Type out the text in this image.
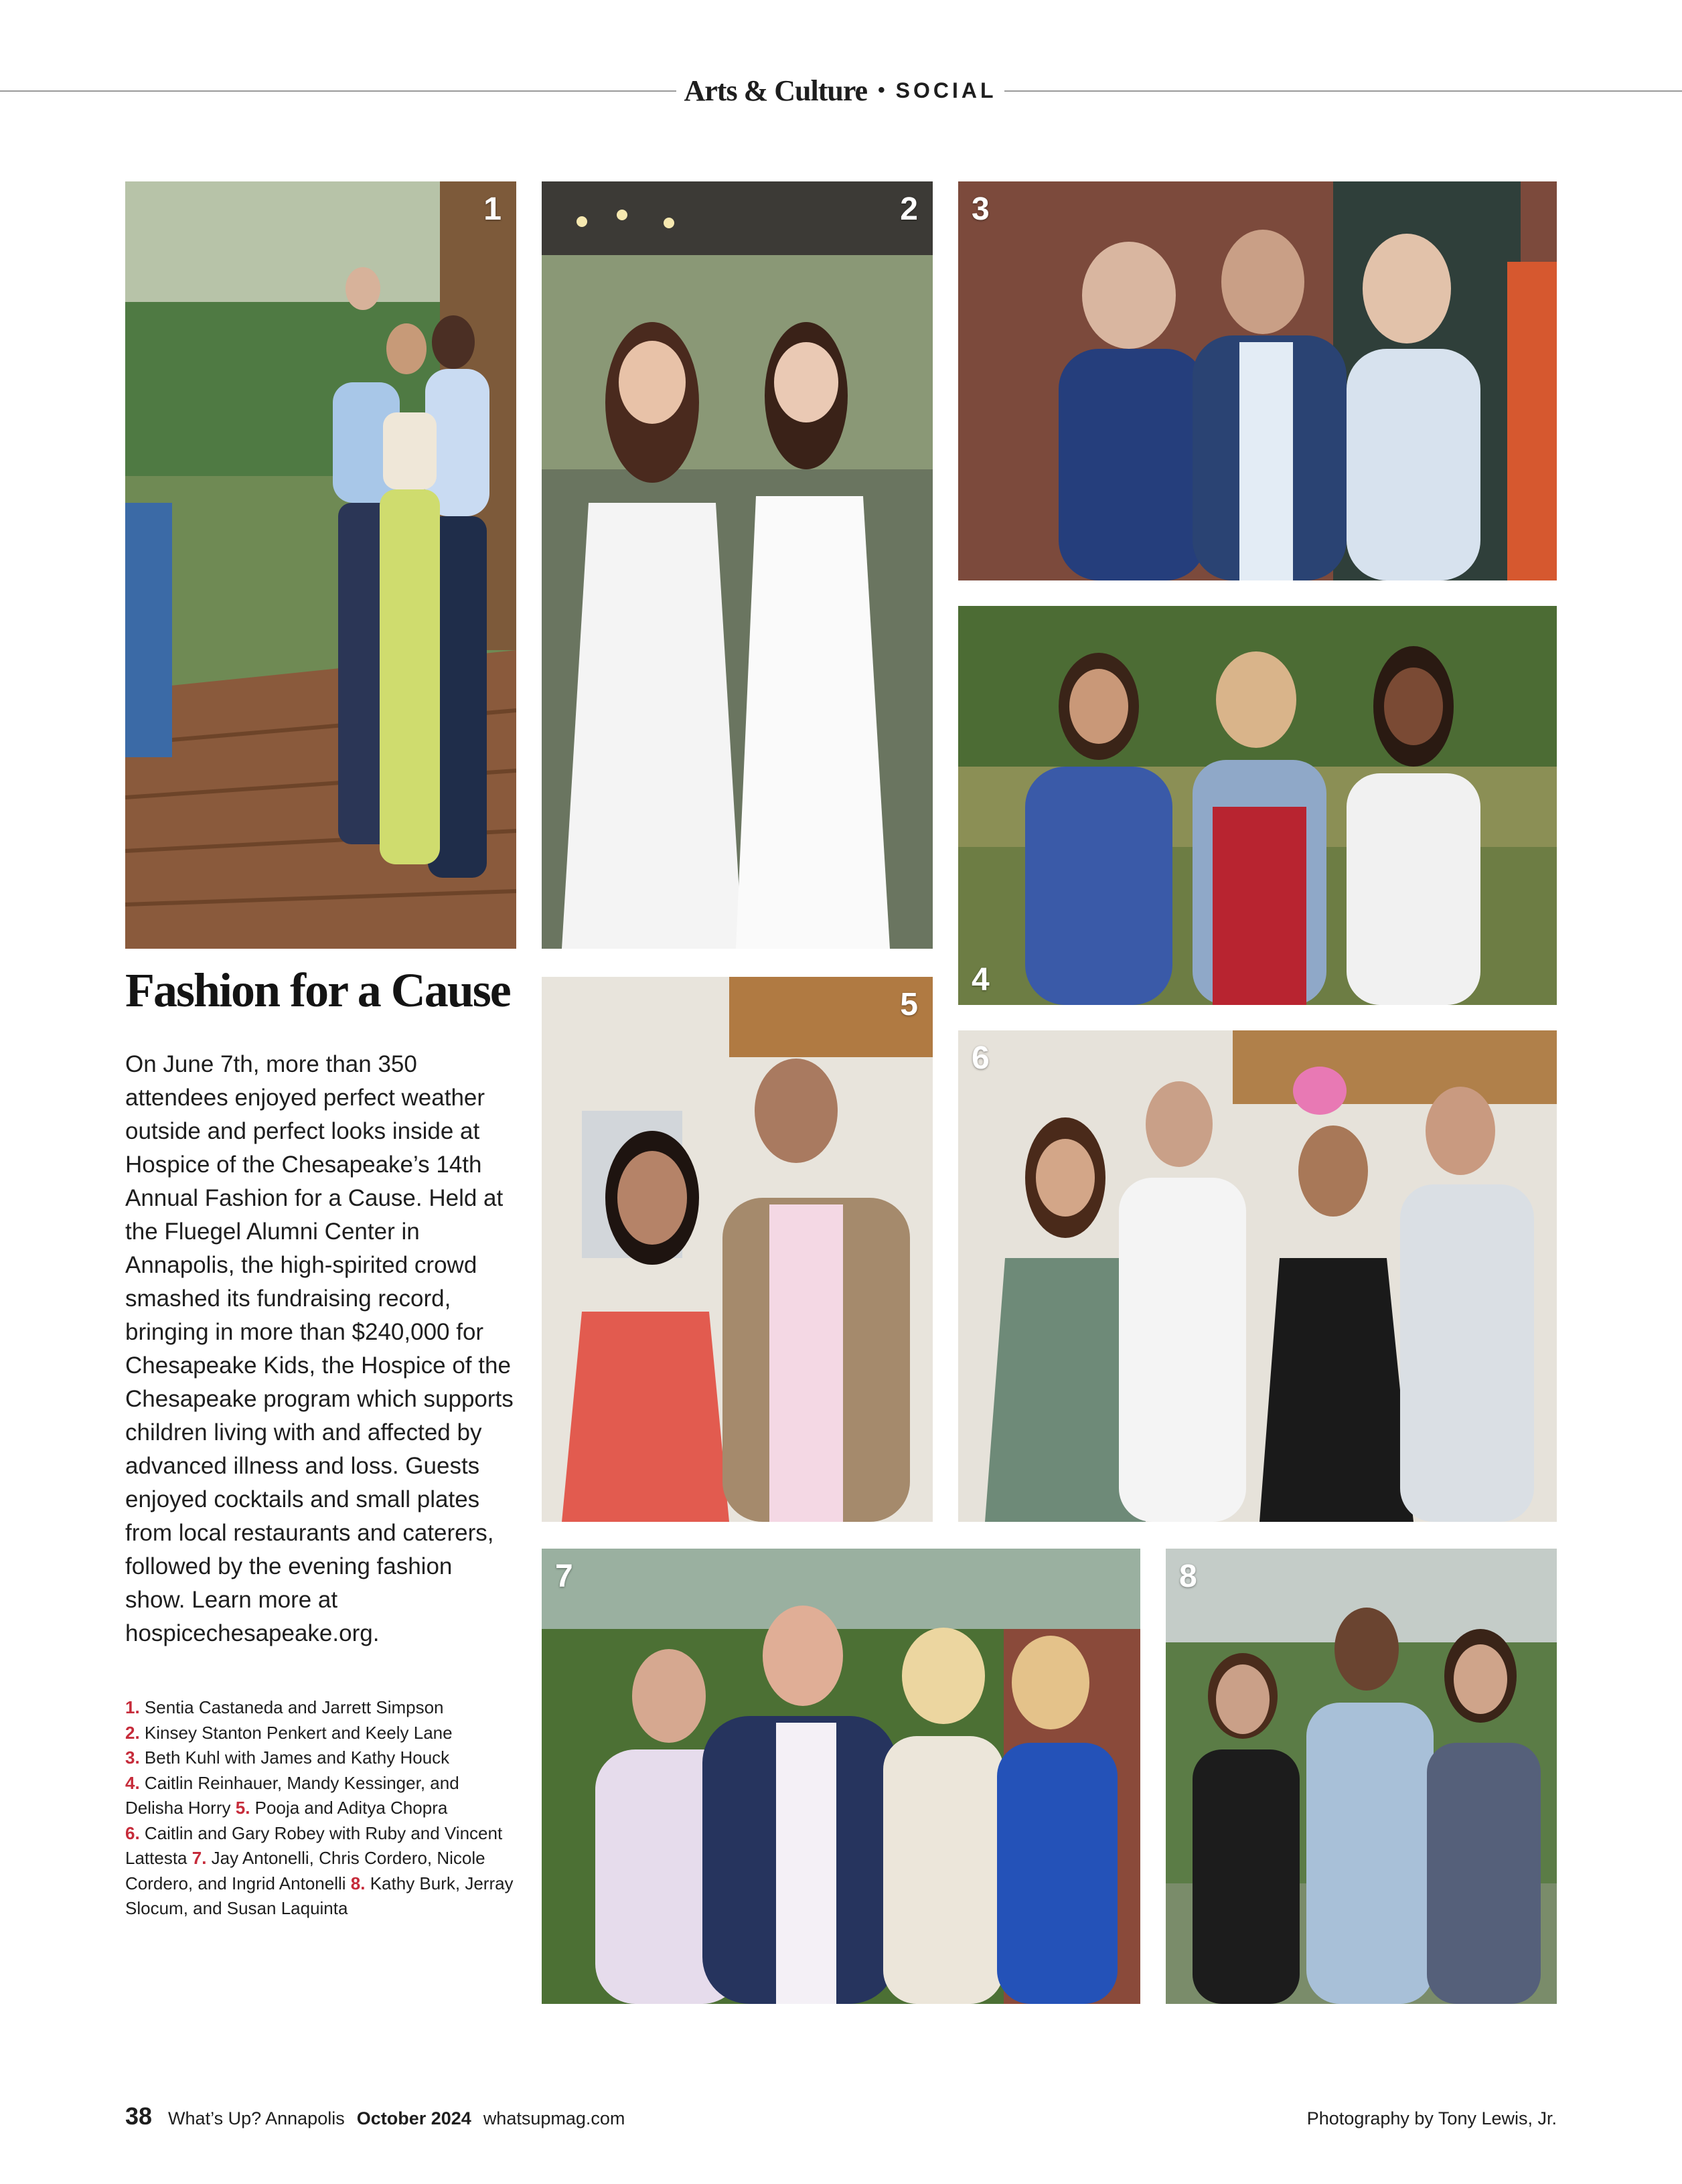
Arts & Culture • SOCIAL
1	2 3
4
5
6
7	8
Fashion for a Cause

On June 7th, more than 350 attendees enjoyed perfect weather outside and perfect looks inside at Hospice of the Chesapeake’s 14th Annual Fashion for a Cause. Held at the Fluegel Alumni Center in Annapolis, the high-spirited crowd smashed its fundraising record, bringing in more than $240,000 for Chesapeake Kids, the Hospice of the Chesapeake program which supports children living with and affected by advanced illness and loss. Guests enjoyed cocktails and small plates from local restaurants and caterers, followed by the evening fashion show. Learn more at hospicechesapeake.org.

1. Sentia Castaneda and Jarrett Simpson
2. Kinsey Stanton Penkert and Keely Lane
3. Beth Kuhl with James and Kathy Houck
4. Caitlin Reinhauer, Mandy Kessinger, and Delisha Horry 5. Pooja and Aditya Chopra
6. Caitlin and Gary Robey with Ruby and Vincent Lattesta 7. Jay Antonelli, Chris Cordero, Nicole Cordero, and Ingrid Antonelli 8. Kathy Burk, Jerray Slocum, and Susan Laquinta

38 What’s Up? Annapolis October 2024 whatsupmag.com	Photography by Tony Lewis, Jr.
